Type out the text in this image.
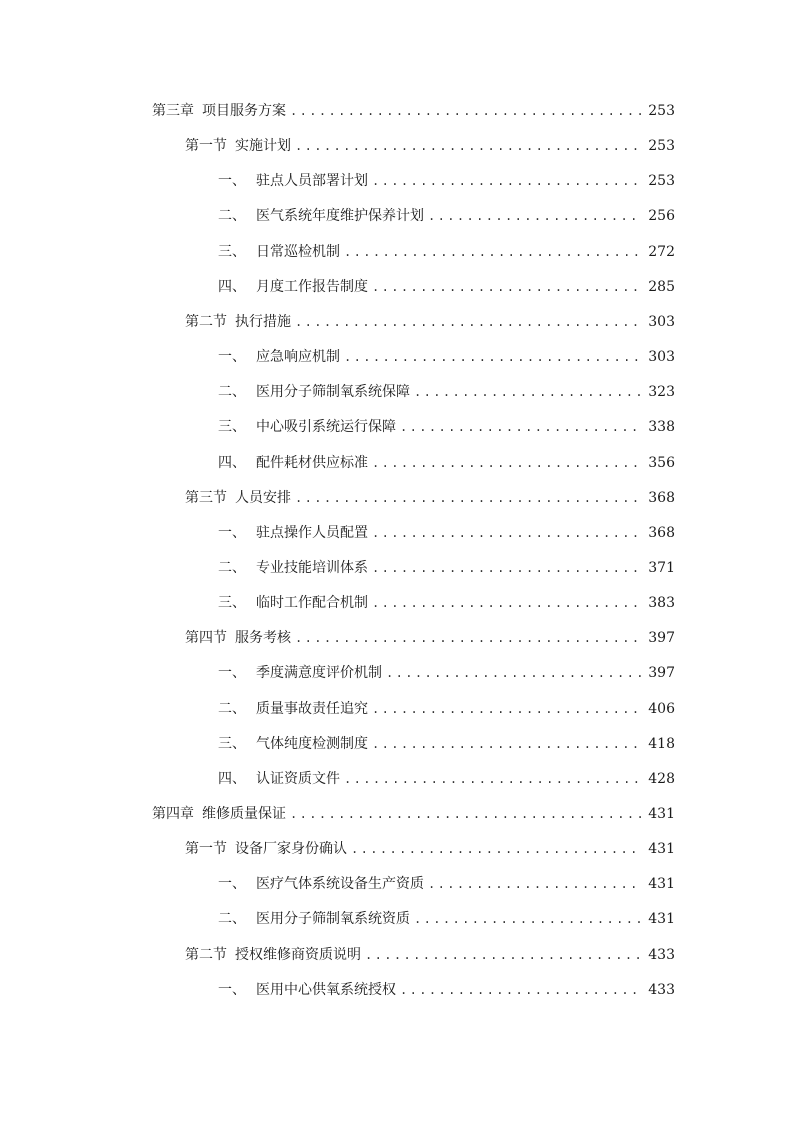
第三章 项目服务方案 .....	253
第一节 实施计划 .....	253
一、 驻点人员部署计划 .....	253
二、 医气系统年度维护保养计划 .....	256
三、 日常巡检机制 .....	272
四、 月度工作报告制度 .....	285
第二节 执行措施 .....	303
一、 应急响应机制 .....	303
二、 医用分子筛制氧系统保障 .....	323
三、 中心吸引系统运行保障 .....	338
四、 配件耗材供应标准 .....	356
第三节 人员安排 .....	368
一、 驻点操作人员配置 .....	368
二、 专业技能培训体系 .....	371
三、 临时工作配合机制 .....	383
第四节 服务考核 .....	397
一、 季度满意度评价机制 .....	397
二、 质量事故责任追究 .....	406
三、 气体纯度检测制度 .....	418
四、 认证资质文件 .....	428
第四章 维修质量保证 .....	431
第一节 设备厂家身份确认 .....	431
一、 医疗气体系统设备生产资质 .....	431
二、 医用分子筛制氧系统资质 .....	431
第二节 授权维修商资质说明 .....	433
一、 医用中心供氧系统授权 .....	433
